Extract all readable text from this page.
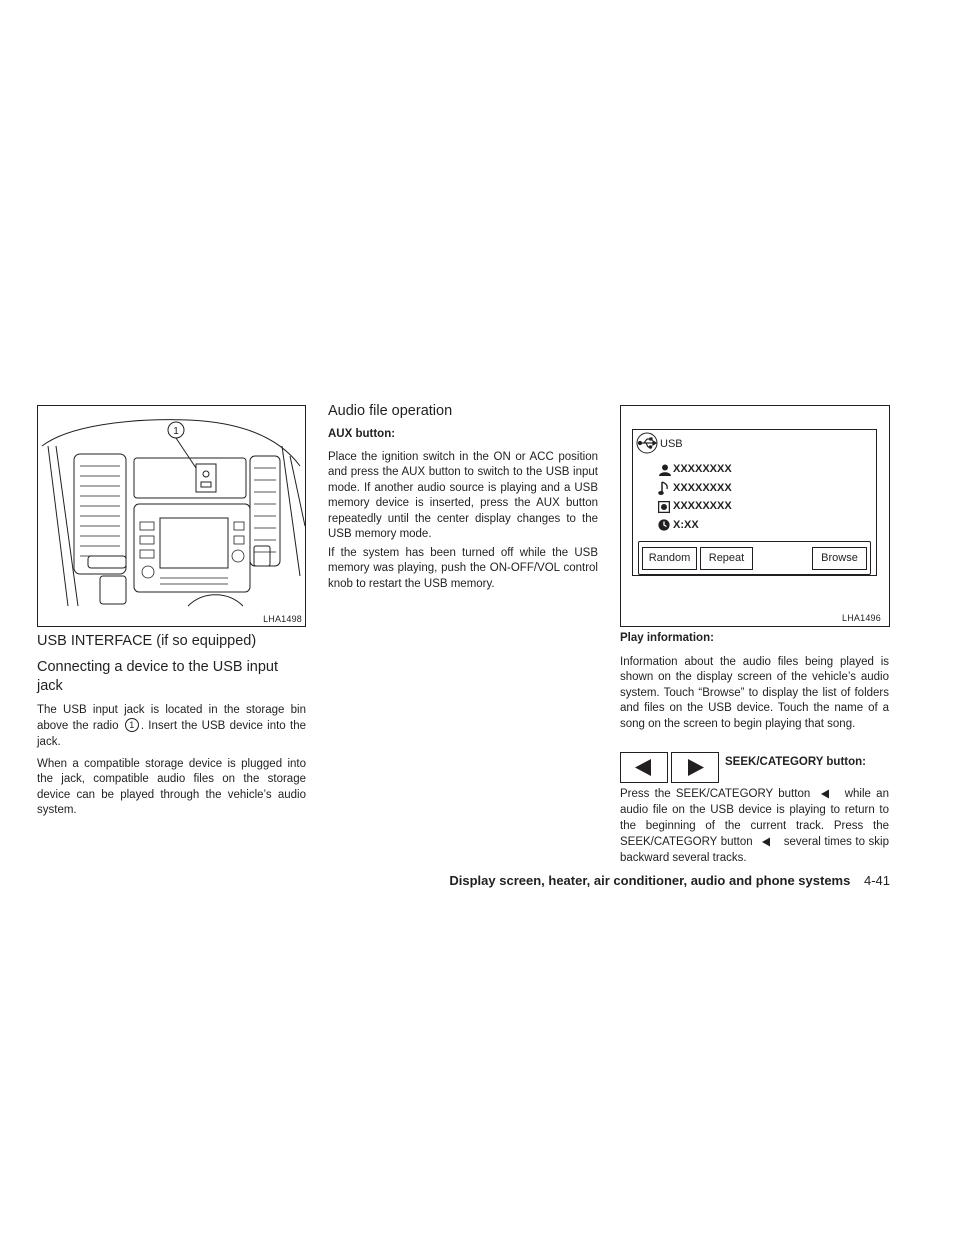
1
LHA1498
USB INTERFACE (if so equipped)
Connecting a device to the USB input jack

The USB input jack is located in the storage bin above the radio 1 . Insert the USB device into the jack.

When a compatible storage device is plugged into the jack, compatible audio files on the storage device can be played through the vehicle’s audio system.

Audio file operation
AUX button:

Place the ignition switch in the ON or ACC position and press the AUX button to switch to the USB input mode. If another audio source is playing and a USB memory device is inserted, press the AUX button repeatedly until the center display changes to the USB memory mode.

If the system has been turned off while the USB memory was playing, push the ON-OFF/VOL control knob to restart the USB memory.

USB
XXXXXXXX
XXXXXXXX
XXXXXXXX
X:XX
Random	Repeat	Browse
LHA1496
Play information:

Information about the audio files being played is shown on the display screen of the vehicle’s audio system. Touch “Browse” to display the list of folders and files on the USB device. Touch the name of a song on the screen to begin playing that song.

SEEK/CATEGORY button:
Press the SEEK/CATEGORY button	while an audio file on the USB device is playing to return to the beginning of the current track. Press the SEEK/CATEGORY button	several times to skip backward several tracks.
Display screen, heater, air conditioner, audio and phone systems 4-41
